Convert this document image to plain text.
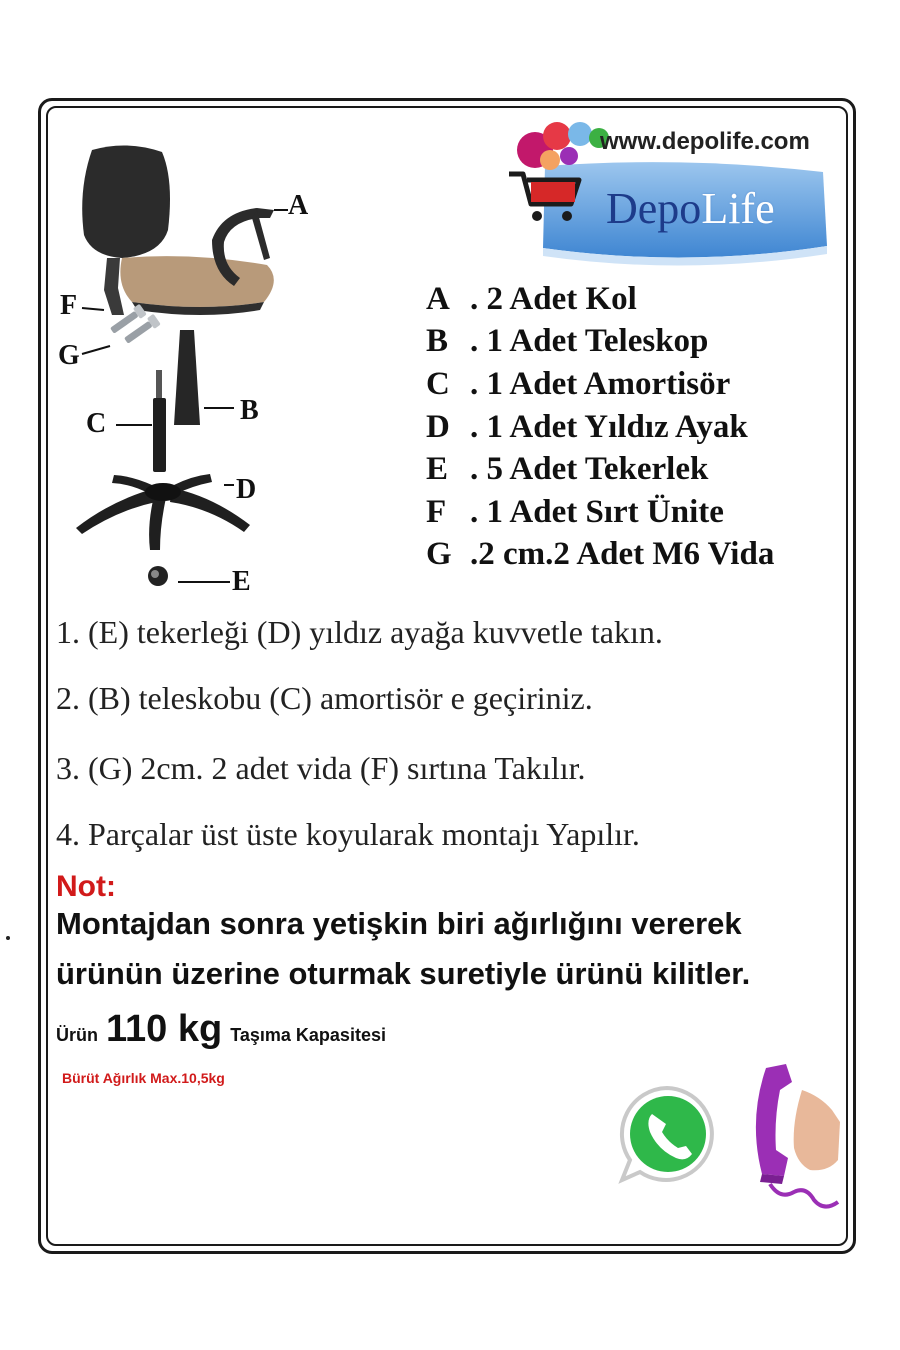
A
B
C
D
E
F
G
www.depolife.com
DepoLife
A . 2 Adet Kol
B . 1 Adet Teleskop
C . 1 Adet Amortisör
D . 1 Adet Yıldız Ayak
E . 5 Adet Tekerlek
F . 1 Adet Sırt Ünite
G .2 cm.2 Adet M6 Vida
1. (E) tekerleği (D) yıldız ayağa kuvvetle takın.
2. (B) teleskobu (C) amortisör e geçiriniz.
3. (G) 2cm. 2 adet vida (F) sırtına Takılır.
4. Parçalar üst üste koyularak montajı Yapılır.
Not:
Montajdan sonra yetişkin biri ağırlığını vererek
ürünün üzerine oturmak suretiyle ürünü kilitler.
Ürün 110 kg Taşıma Kapasitesi
Bürüt Ağırlık Max.10,5kg
